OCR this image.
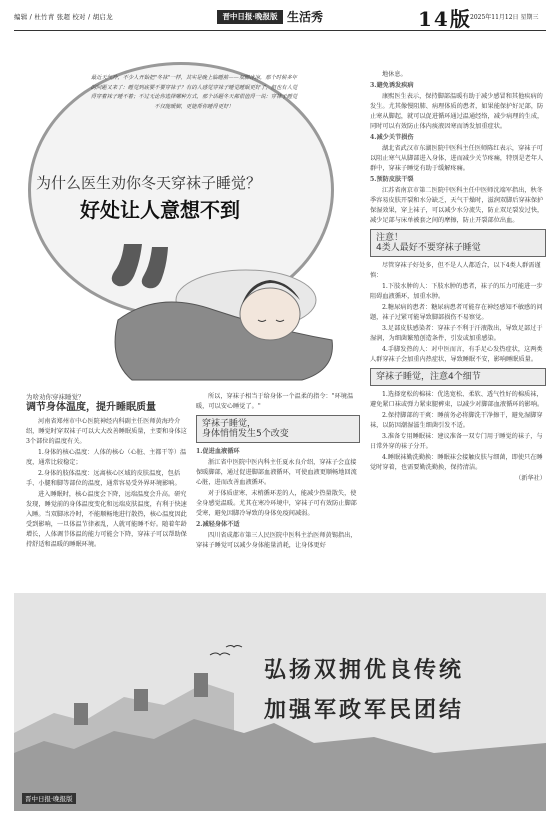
编辑 / 杜竹青 张超 校对 / 胡启龙	晋中日报·晚报版 生活秀	14版
2025年11月12日 星期三
最近天气冷，不少人开始把"冬袜"一样，其实是晚上临睡前——双脚冰凉，那个时候多年的问题又来了：睡觉到底要不要穿袜子？有的人感觉穿袜子睡觉睡眠更好了，但也有人觉得穿着袜子睡不着；不过无论你选择哪种方式，那个话题冬天都很值得一说：穿袜子睡觉不仅能暖脚，更能帮你睡得更好！
为什么医生劝你冬天穿袜子睡觉？
好处让人意想不到
为啥劝你穿袜睡觉？
调节身体温度，提升睡眠质量

河南省郑州市中心医院神经内科副主任医师黄海玲介绍，睡觉时穿双袜子可以大大改善睡眠质量，主要和身体这3个部位的温度有关。

1.身体的核心温度：人体的核心（心脏、主都干等）温度，通常比较稳定；

2.身体的肢体温度：远离核心区域的皮肤温度，包括手、小腿和脚等部位的温度，通常容易受外界环境影响。

进入睡眠时，核心温度会下降，远端温度会升高。研究发现，睡觉前的身体温度变化和远端皮肤温度，有利于快速入睡。当双脚冰冷时，不能顺畅地进行散热，核心温度因此受到影响，一旦体温节律紊乱，人就可能睡不好。随着年龄增长，人体调节体温的能力可能会下降，穿袜子可以帮助保持舒适和温暖的睡眠环境。

所以，穿袜子相当于给身体一个温柔的指令："环境温暖，可以安心睡觉了。"

穿袜子睡觉，
身体悄悄发生5个改变

1.促进血液循环

浙江省中医院中医内科主任夏永良介绍，穿袜子会直接保暖脚部，通过促进脚部血液循环，可使血液更顺畅地回流心脏，进而改善血液循环。

对于体质虚寒、末梢循环差的人，能减少热量散失，使全身感觉温暖。尤其在寒冷环境中，穿袜子可有效防止脚部受寒，避免因脚冷导致的身体免疫间减弱。

2.减轻身体不适

四川省成都市第三人民医院中医科主治医师黄锡指出，穿袜子睡觉可以减少身体能量消耗，让身体更好

地休息。

3.避免诱发疾病

康熙医生表示，保持脚部温暖有助于减少感冒和其他疾病的发生。尤其像慢阻肺、病理体质的患者，如果能保护好足部，防止寒从脚起，就可以促进循环通过温通经络，减少病理的生成，同时可以有效防止体内痰液因寒而诱发加重症状。

4.减少关节损伤

湖北省武汉市东湖医院中医科主任医师陈红表示，穿袜子可以阻止寒气从脚部进入身体，进而减少关节疼痛，特别是老年人群中，穿袜子睡觉有助于缓解疼痛。

5.预防皮肤干裂

江苏省南京市第二医院中医科主任中医师沈端军指出，秋冬季容易皮肤开裂和水分缺乏，天气干燥时，滋润双脚后穿袜保护保湿效果，穿上袜子，可以减少水分流失，防止双足裂发过快，减少足部与床单被套之间的摩擦，防止开裂部位出血。

注意！
4类人最好不要穿袜子睡觉

尽管穿袜子好处多，但不是人人都适合，以下4类人群需谨慎：

1.下肢水肿的人：下肢水肿的患者，袜子的压力可能进一步阻碍血液循环，加重水肿。

2.糖尿病的患者：糖尿病患者可能存在神经感知不敏感的问题，袜子过紧可能导致脚部损伤不易察觉。

3.足部皮肤感染者：穿袜子不利于汗液散出，导致足部过于湿润，为细菌繁殖创造条件，引发或加重感染。

4.手脚发热的人：对中医而言，有手足心发热症状，这两类人群穿袜子会加重内热症状，导致睡眠不安，影响睡眠质量。

穿袜子睡觉，注意4个细节

1.选择宽松的棉袜：优选宽松、柔软、透气性好的棉质袜，避免紧口袜或弹力紧束腿裤束，以减少对脚部血液循环的影响。

2.保持脚部的干爽：睡前务必将脚洗干净擦干，避免湿脚穿袜，以防因潮湿滋生细菌引发不适。

3.准备专用睡眠袜：建议准备一双专门用于睡觉的袜子，与日常外穿的袜子分开。

4.睡眠袜勤洗勤换：睡眠袜会接触皮肤与细菌，即使只在睡觉时穿着，也需要勤洗勤换，保持清洁。

（新华社）

弘扬双拥优良传统
加强军政军民团结
晋中日报·晚报版
